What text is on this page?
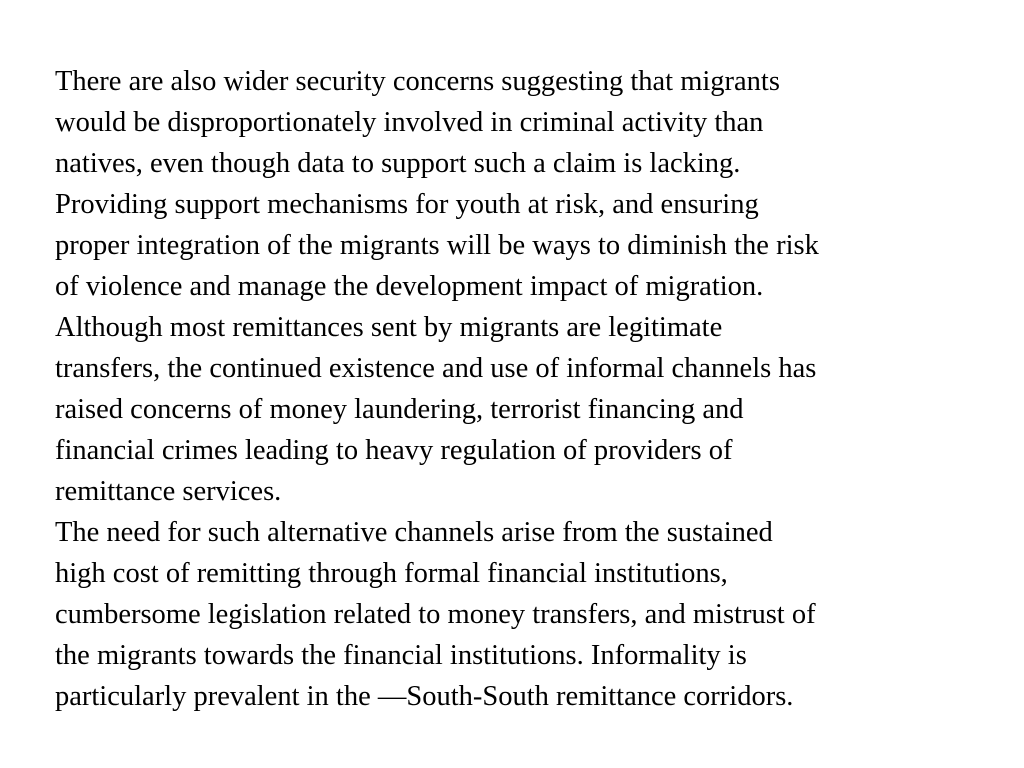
There are also wider security concerns suggesting that migrants
would be disproportionately involved in criminal activity than
natives, even though data to support such a claim is lacking.
Providing support mechanisms for youth at risk, and ensuring
proper integration of the migrants will be ways to diminish the risk
of violence and manage the development impact of migration.
Although most remittances sent by migrants are legitimate
transfers, the continued existence and use of informal channels has
raised concerns of money laundering, terrorist financing and
financial crimes leading to heavy regulation of providers of
remittance services.
The need for such alternative channels arise from the sustained
high cost of remitting through formal financial institutions,
cumbersome legislation related to money transfers, and mistrust of
the migrants towards the financial institutions. Informality is
particularly prevalent in the ―South-South remittance corridors.
